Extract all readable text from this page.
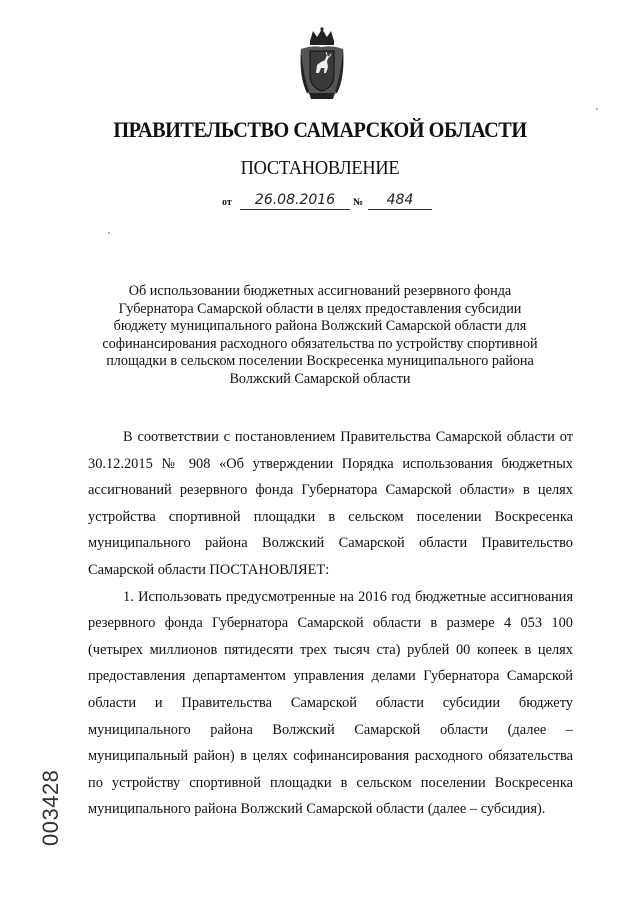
ПРАВИТЕЛЬСТВО САМАРСКОЙ ОБЛАСТИ
ПОСТАНОВЛЕНИЕ
от	26.08.2016	№	484
Об использовании бюджетных ассигнований резервного фонда Губернатора Самарской области в целях предоставления субсидии бюджету муниципального района Волжский Самарской области для софинансирования расходного обязательства по устройству спортивной площадки в сельском поселении Воскресенка муниципального района Волжский Самарской области

В соответствии с постановлением Правительства Самарской области от 30.12.2015 № 908 «Об утверждении Порядка использования бюджетных ассигнований резервного фонда Губернатора Самарской области» в целях устройства спортивной площадки в сельском поселении Воскресенка муниципального района Волжский Самарской области Правительство Самарской области ПОСТАНОВЛЯЕТ:

1. Использовать предусмотренные на 2016 год бюджетные ассигнования резервного фонда Губернатора Самарской области в размере 4 053 100 (четырех миллионов пятидесяти трех тысяч ста) рублей 00 копеек в целях предоставления департаментом управления делами Губернатора Самарской области и Правительства Самарской области субсидии бюджету муниципального района Волжский Самарской области (далее – муниципальный район) в целях софинансирования расходного обязательства по устройству спортивной площадки в сельском поселении Воскресенка муниципального района Волжский Самарской области (далее – субсидия).

003428
